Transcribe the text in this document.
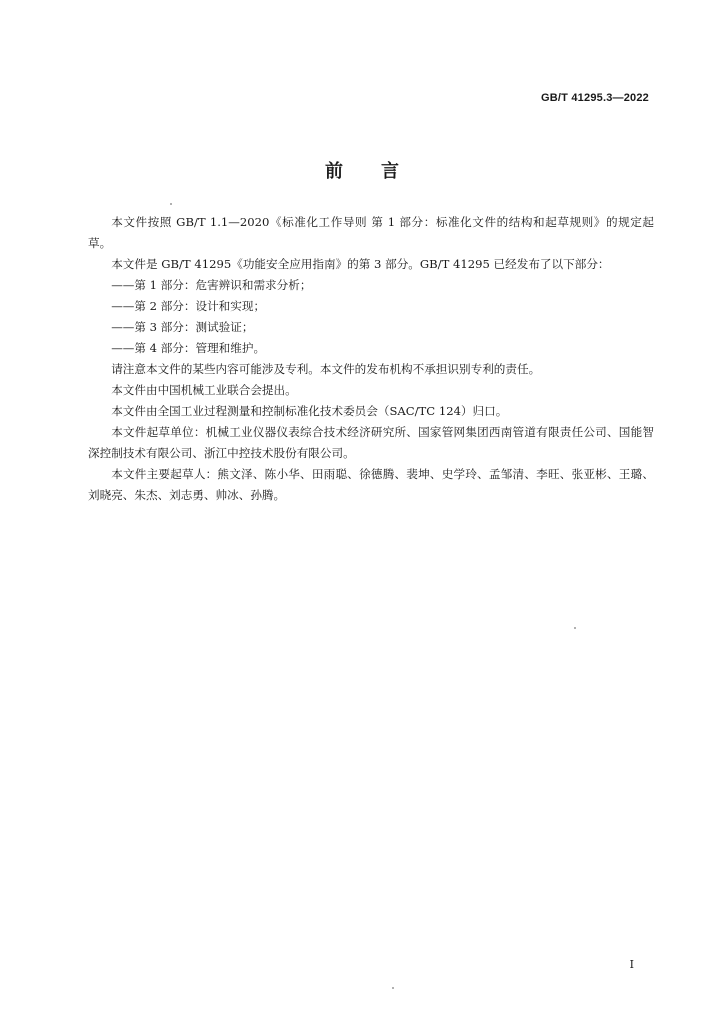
GB/T 41295.3—2022
前 言

本文件按照 GB/T 1.1—2020《标准化工作导则 第 1 部分：标准化文件的结构和起草规则》的规定起草。

本文件是 GB/T 41295《功能安全应用指南》的第 3 部分。GB/T 41295 已经发布了以下部分：

——第 1 部分：危害辨识和需求分析；

——第 2 部分：设计和实现；

——第 3 部分：测试验证；

——第 4 部分：管理和维护。

请注意本文件的某些内容可能涉及专利。本文件的发布机构不承担识别专利的责任。

本文件由中国机械工业联合会提出。

本文件由全国工业过程测量和控制标准化技术委员会（SAC/TC 124）归口。

本文件起草单位：机械工业仪器仪表综合技术经济研究所、国家管网集团西南管道有限责任公司、国能智深控制技术有限公司、浙江中控技术股份有限公司。

本文件主要起草人：熊文泽、陈小华、田雨聪、徐德腾、裴坤、史学玲、孟邹清、李旺、张亚彬、王璐、刘晓亮、朱杰、刘志勇、帅冰、孙腾。

I
